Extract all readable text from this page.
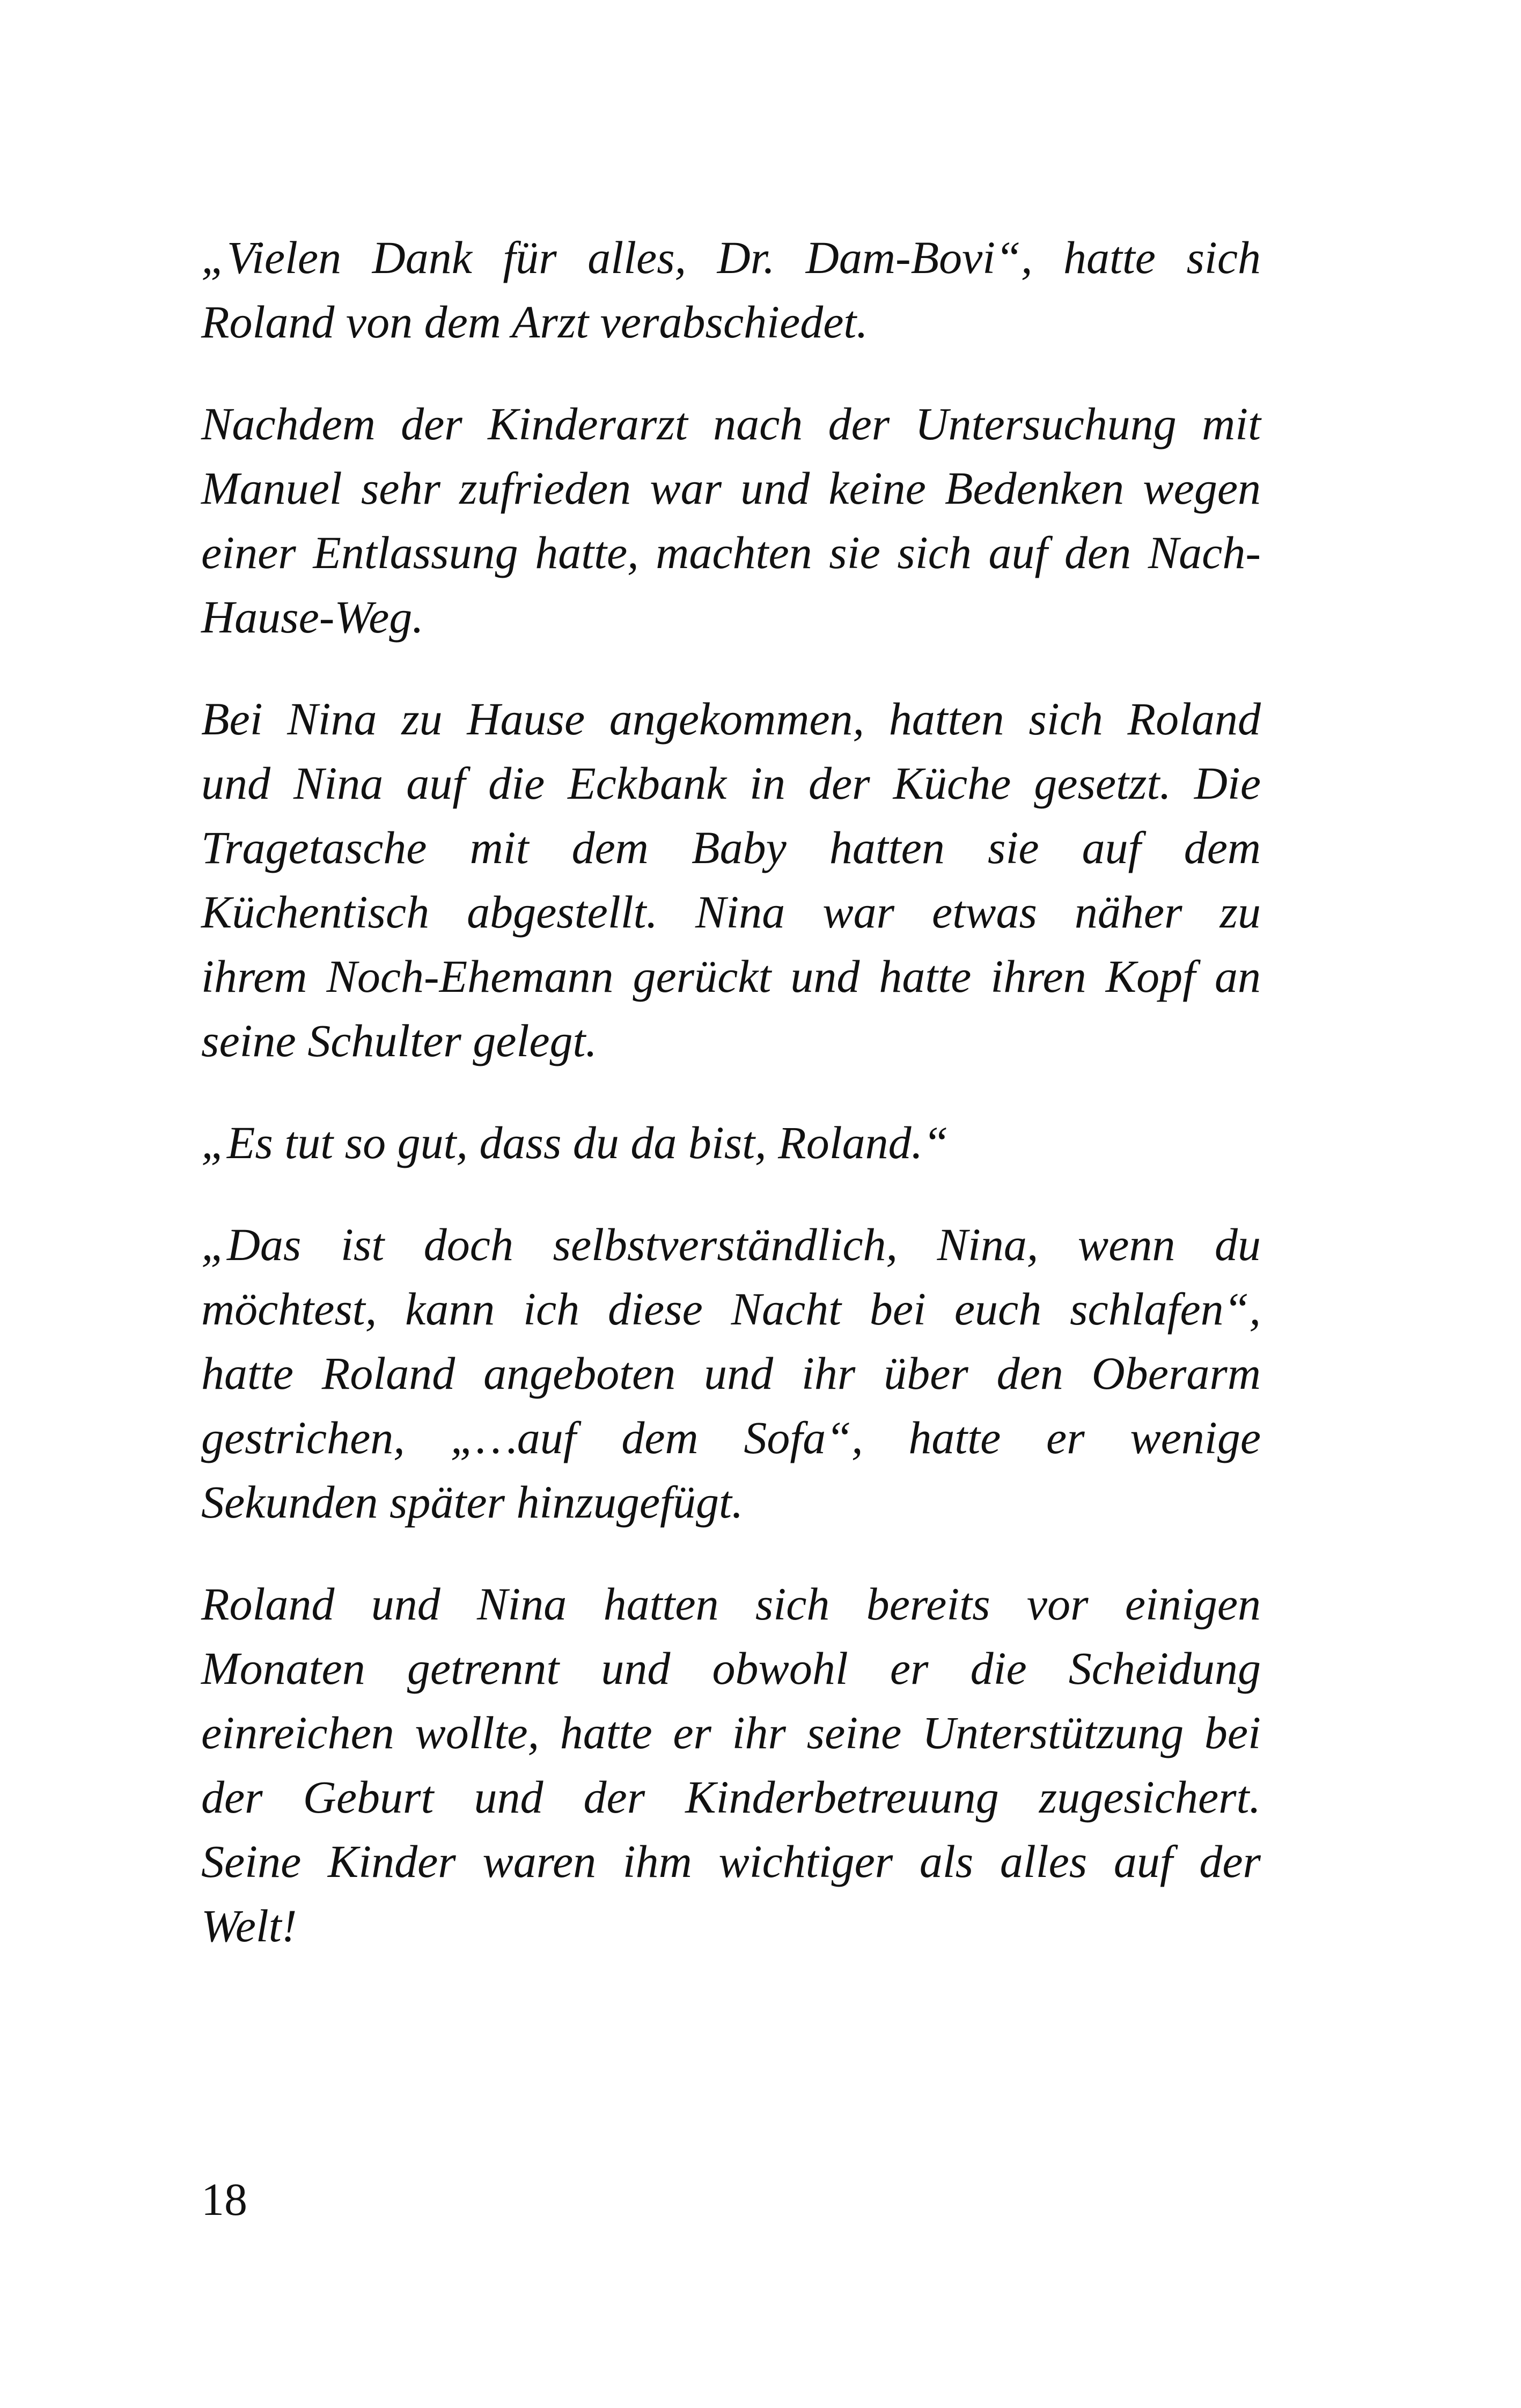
„Vielen Dank für alles, Dr. Dam-Bovi“, hatte sich
Roland von dem Arzt verabschiedet.

Nachdem der Kinderarzt nach der Untersuchung mit
Manuel sehr zufrieden war und keine Bedenken wegen
einer Entlassung hatte, machten sie sich auf den Nach-
Hause-Weg.

Bei Nina zu Hause angekommen, hatten sich Roland
und Nina auf die Eckbank in der Küche gesetzt. Die
Tragetasche mit dem Baby hatten sie auf dem
Küchentisch abgestellt. Nina war etwas näher zu
ihrem Noch-Ehemann gerückt und hatte ihren Kopf an
seine Schulter gelegt.

„Es tut so gut, dass du da bist, Roland.“

„Das ist doch selbstverständlich, Nina, wenn du
möchtest, kann ich diese Nacht bei euch schlafen“,
hatte Roland angeboten und ihr über den Oberarm
gestrichen, „…auf dem Sofa“, hatte er wenige
Sekunden später hinzugefügt.

Roland und Nina hatten sich bereits vor einigen
Monaten getrennt und obwohl er die Scheidung
einreichen wollte, hatte er ihr seine Unterstützung bei
der Geburt und der Kinderbetreuung zugesichert.
Seine Kinder waren ihm wichtiger als alles auf der
Welt!

18
